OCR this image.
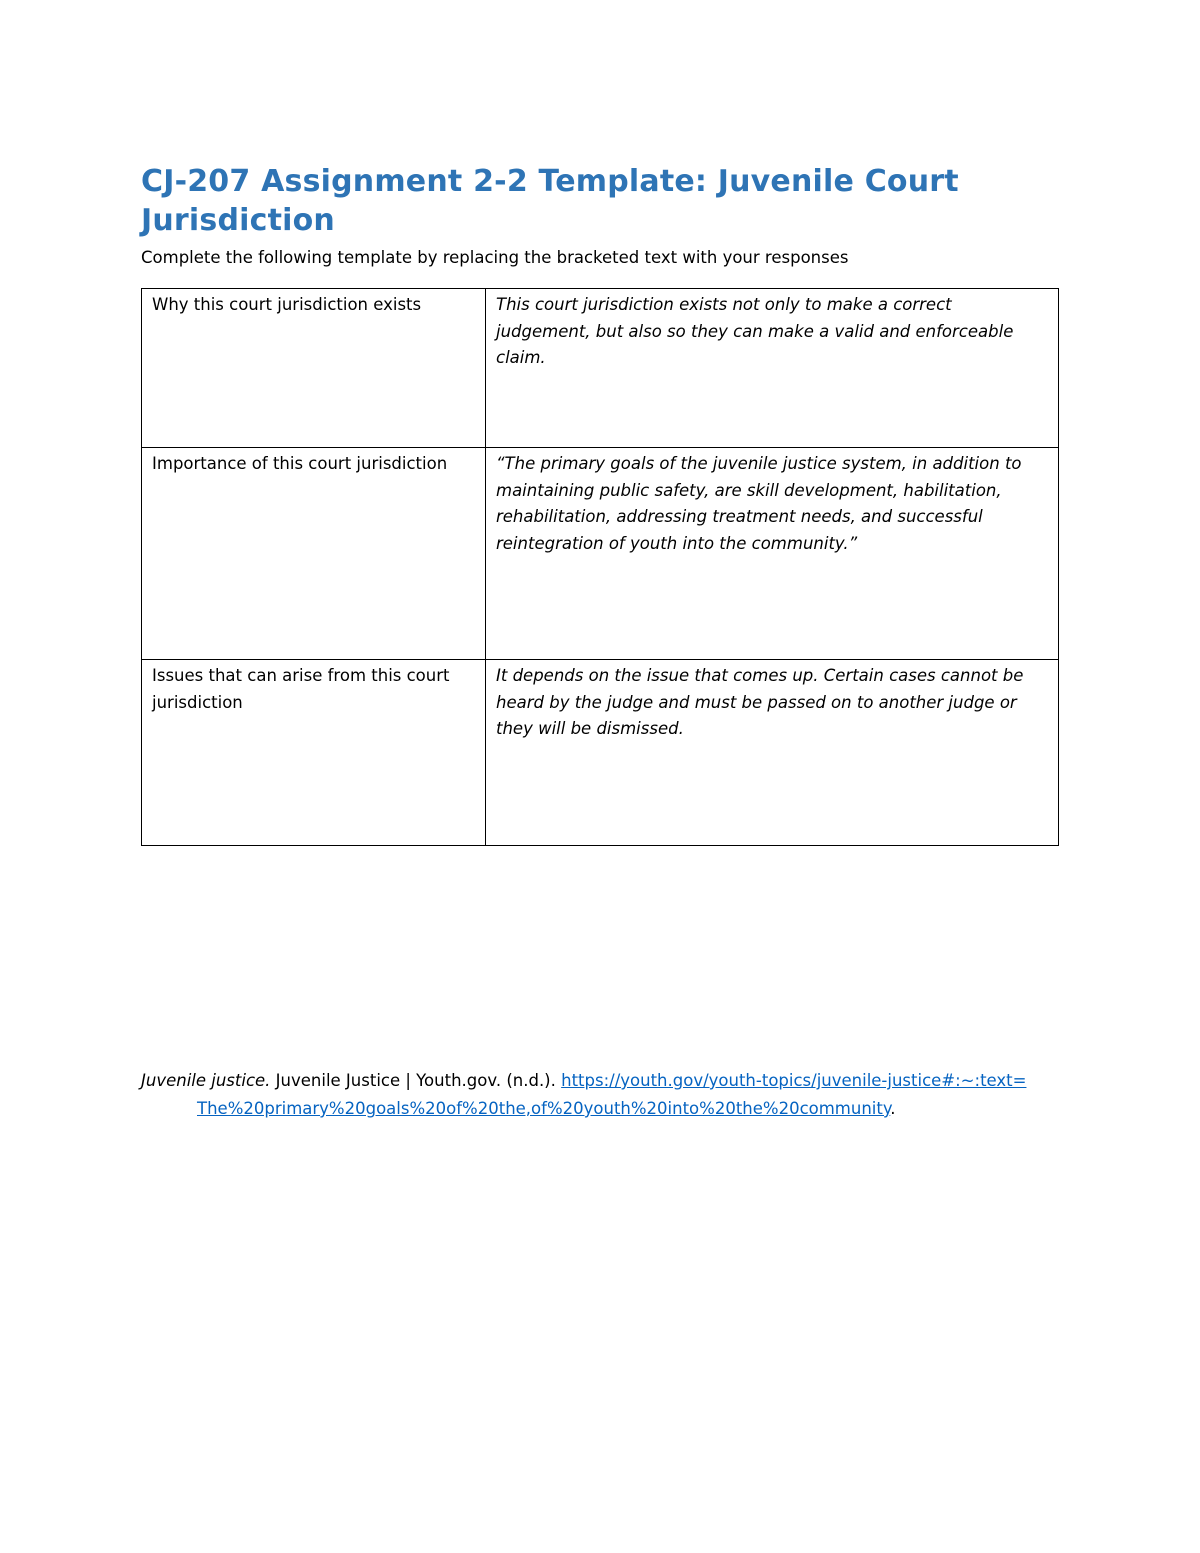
CJ-207 Assignment 2-2 Template: Juvenile Court Jurisdiction

Complete the following template by replacing the bracketed text with your responses

Why this court jurisdiction exists	This court jurisdiction exists not only to make a correct judgement, but also so they can make a valid and enforceable claim.
Importance of this court jurisdiction	“The primary goals of the juvenile justice system, in addition to maintaining public safety, are skill development, habilitation, rehabilitation, addressing treatment needs, and successful reintegration of youth into the community.”
Issues that can arise from this court jurisdiction	It depends on the issue that comes up. Certain cases cannot be heard by the judge and must be passed on to another judge or they will be dismissed.

Juvenile justice. Juvenile Justice | Youth.gov. (n.d.). https://youth.gov/youth-topics/juvenile-justice#:~:text=The%20primary%20goals%20of%20the,of%20youth%20into%20the%20community.
